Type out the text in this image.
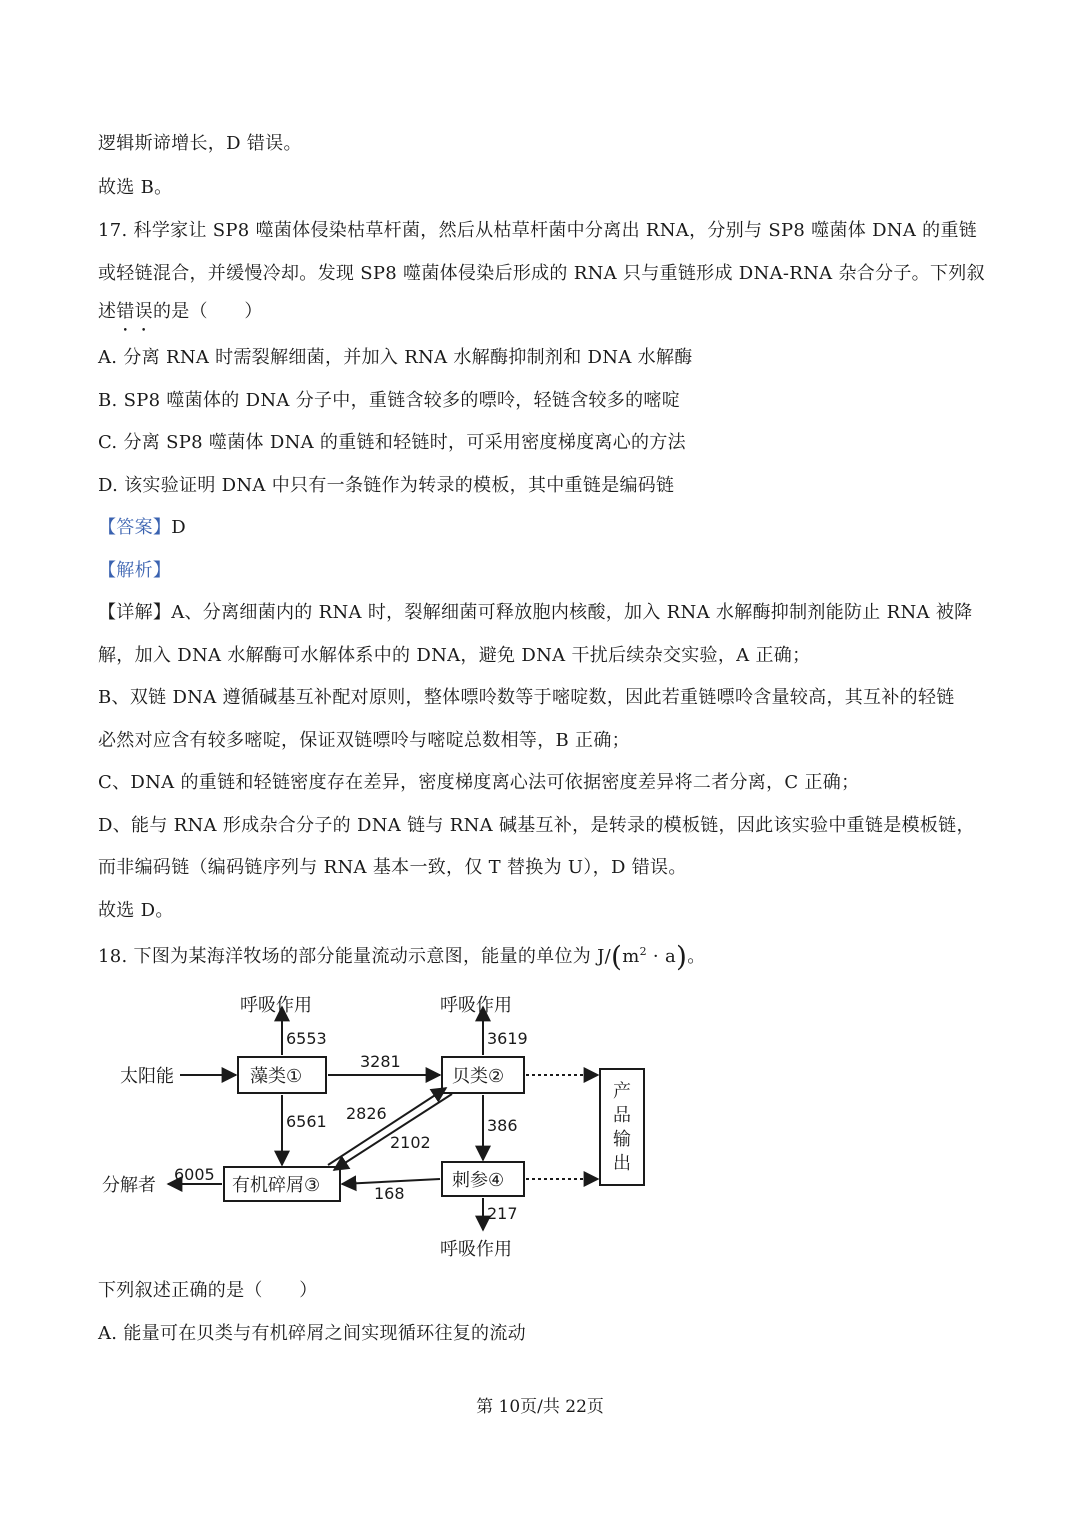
逻辑斯谛增长，D 错误。
故选 B。
17. 科学家让 SP8 噬菌体侵染枯草杆菌，然后从枯草杆菌中分离出 RNA，分别与 SP8 噬菌体 DNA 的重链
或轻链混合，并缓慢冷却。发现 SP8 噬菌体侵染后形成的 RNA 只与重链形成 DNA-RNA 杂合分子。下列叙
述错误的是（　　）
A. 分离 RNA 时需裂解细菌，并加入 RNA 水解酶抑制剂和 DNA 水解酶
B. SP8 噬菌体的 DNA 分子中，重链含较多的嘌呤，轻链含较多的嘧啶
C. 分离 SP8 噬菌体 DNA 的重链和轻链时，可采用密度梯度离心的方法
D. 该实验证明 DNA 中只有一条链作为转录的模板，其中重链是编码链
【答案】D
【解析】
【详解】A、分离细菌内的 RNA 时，裂解细菌可释放胞内核酸，加入 RNA 水解酶抑制剂能防止 RNA 被降
解，加入 DNA 水解酶可水解体系中的 DNA，避免 DNA 干扰后续杂交实验，A 正确；
B、双链 DNA 遵循碱基互补配对原则，整体嘌呤数等于嘧啶数，因此若重链嘌呤含量较高，其互补的轻链
必然对应含有较多嘧啶，保证双链嘌呤与嘧啶总数相等，B 正确；
C、DNA 的重链和轻链密度存在差异，密度梯度离心法可依据密度差异将二者分离，C 正确；
D、能与 RNA 形成杂合分子的 DNA 链与 RNA 碱基互补，是转录的模板链，因此该实验中重链是模板链，
而非编码链（编码链序列与 RNA 基本一致，仅 T 替换为 U），D 错误。
故选 D。
18. 下图为某海洋牧场的部分能量流动示意图，能量的单位为 $J/(m^2 \cdot a)$。
呼吸作用	呼吸作用
呼吸作用
太阳能	藻类①	贝类②
有机碎屑③	刺参④
分解者
产
品
输
出
6553	3619
3281
6561 2826
2102
386
6005
168
217
下列叙述正确的是（　　）
A. 能量可在贝类与有机碎屑之间实现循环往复的流动
第 10页/共 22页
